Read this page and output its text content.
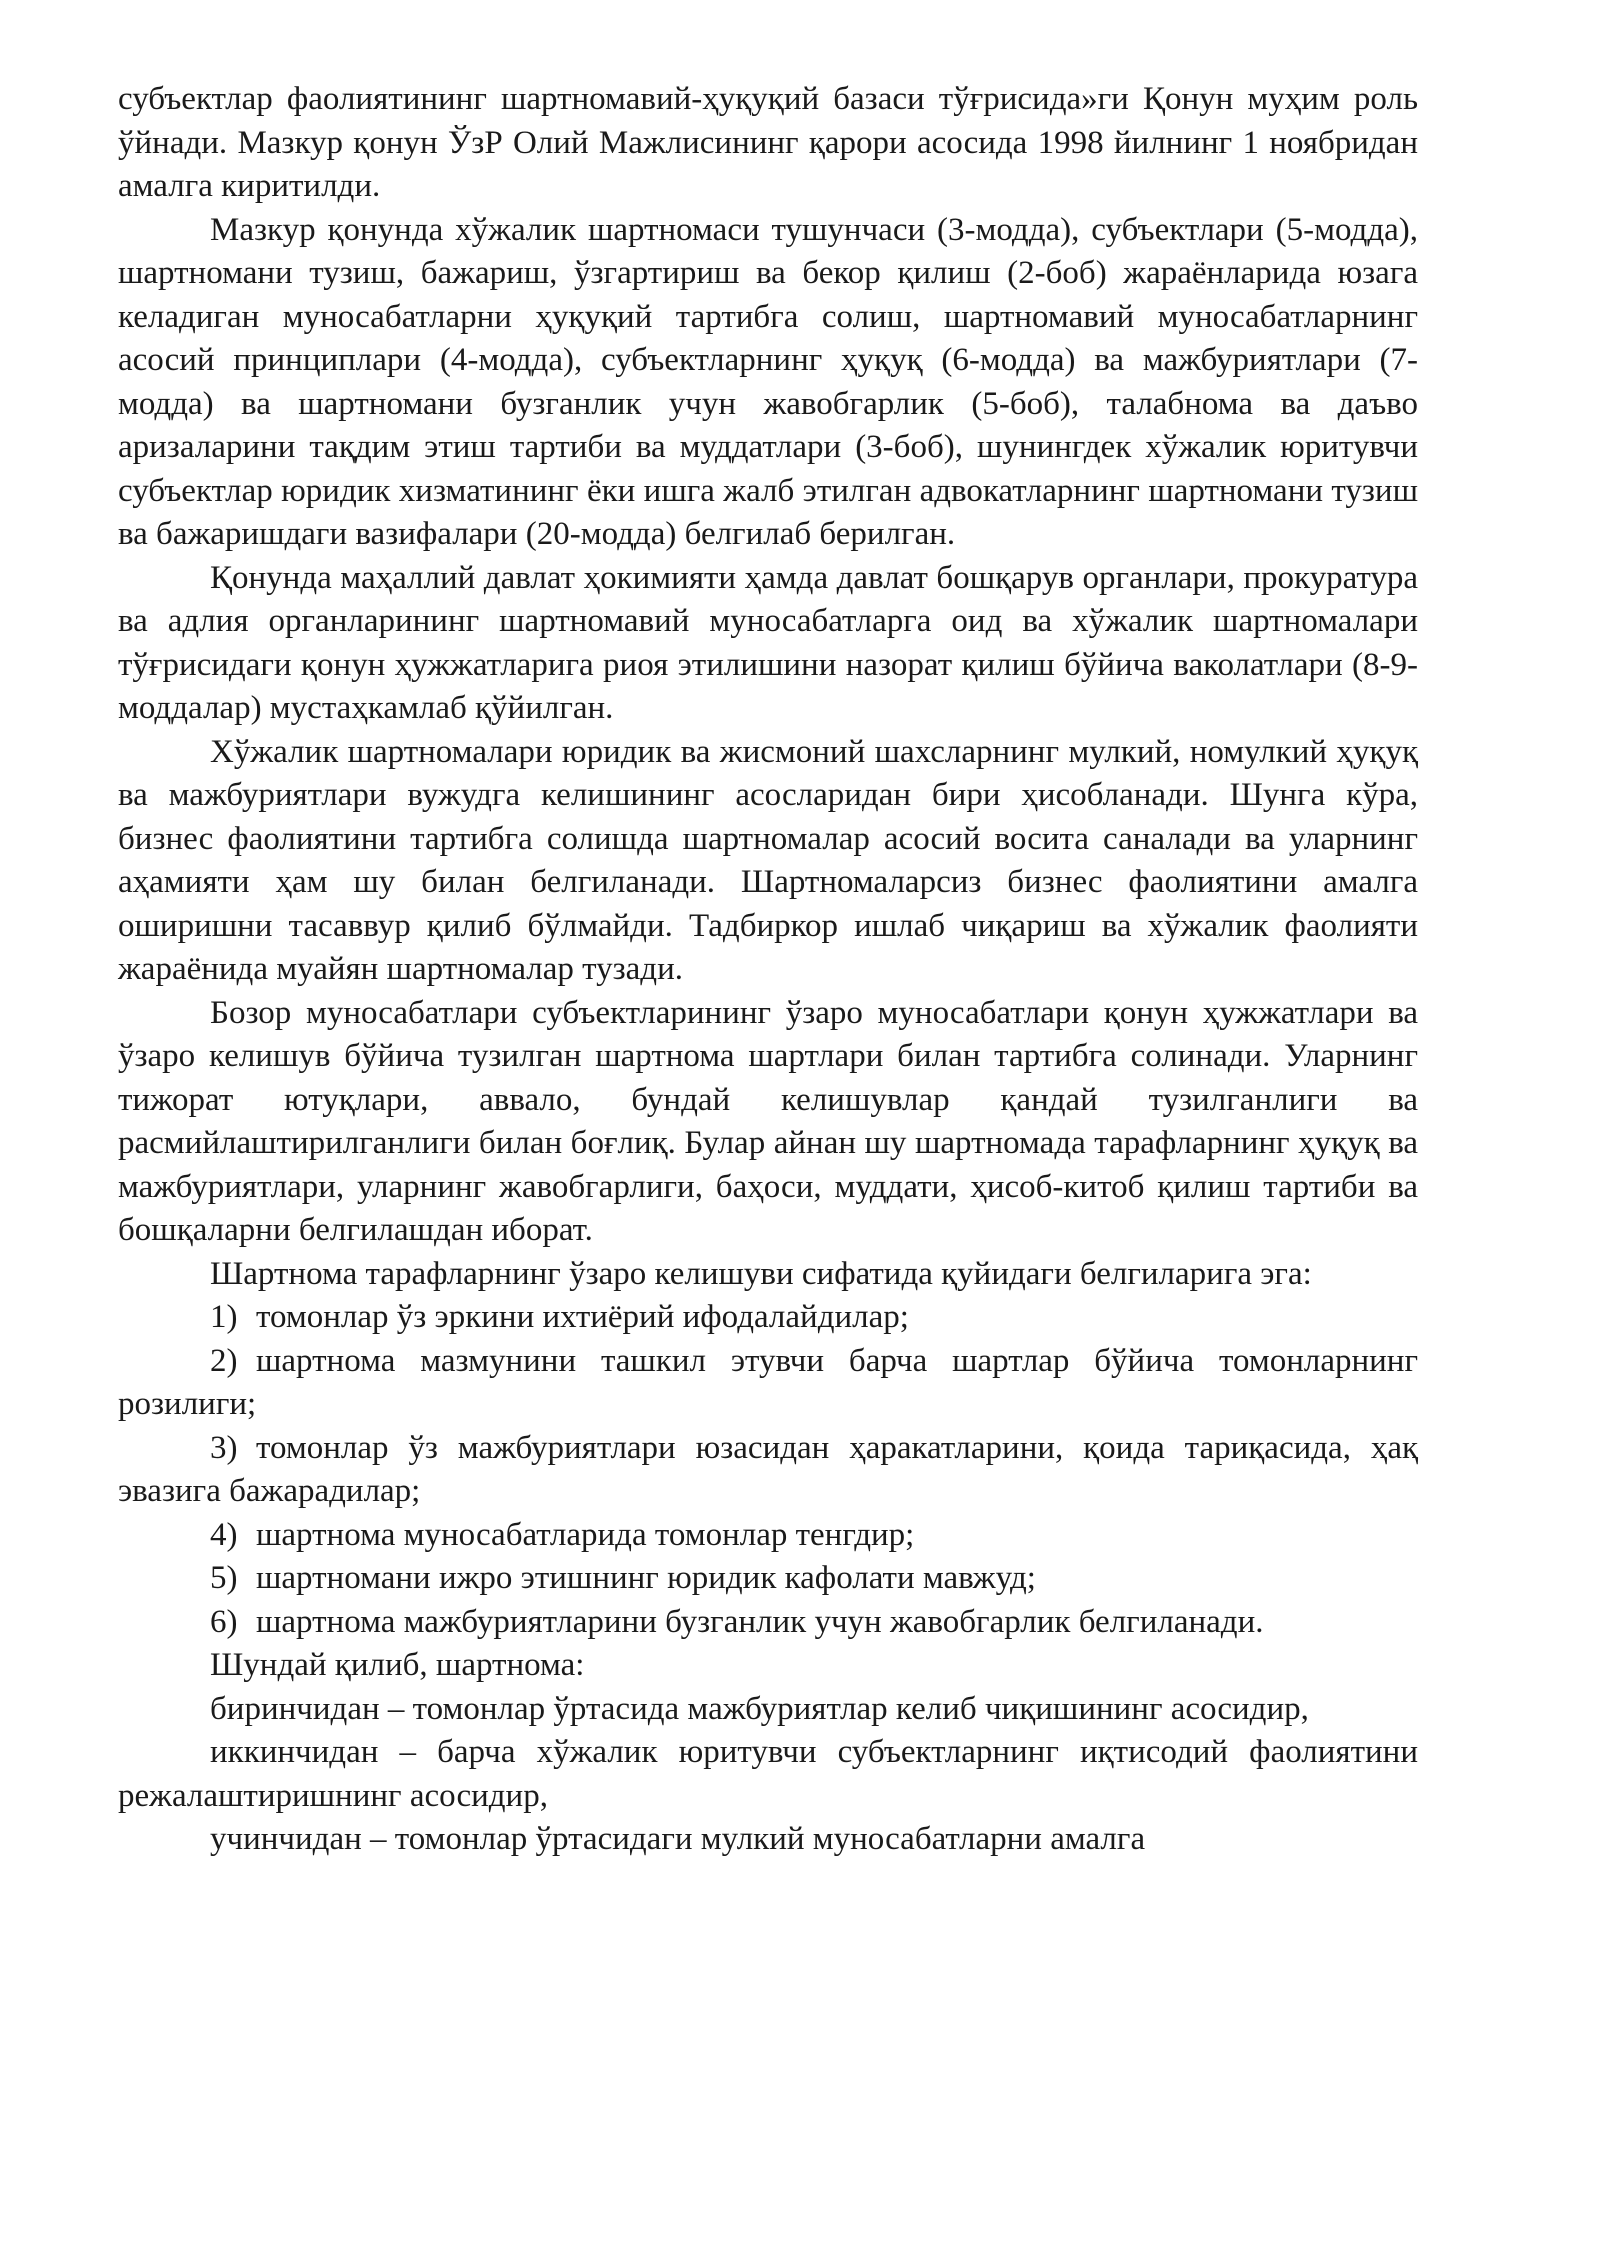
субъектлар фаолиятининг шартномавий-ҳуқуқий базаси тўғрисида»ги Қонун муҳим роль ўйнади. Мазкур қонун ЎзР Олий Мажлисининг қарори асосида 1998 йилнинг 1 ноябридан амалга киритилди.

Мазкур қонунда хўжалик шартномаси тушунчаси (3-модда), субъектлари (5-модда), шартномани тузиш, бажариш, ўзгартириш ва бекор қилиш (2-боб) жараёнларида юзага келадиган муносабатларни ҳуқуқий тартибга солиш, шартномавий муносабатларнинг асосий принциплари (4-модда), субъектларнинг ҳуқуқ (6-модда) ва мажбуриятлари (7-модда) ва шартномани бузганлик учун жавобгарлик (5-боб), талабнома ва даъво аризаларини тақдим этиш тартиби ва муддатлари (3-боб), шунингдек хўжалик юритувчи субъектлар юридик хизматининг ёки ишга жалб этилган адвокатларнинг шартномани тузиш ва бажаришдаги вазифалари (20-модда) белгилаб берилган.

Қонунда маҳаллий давлат ҳокимияти ҳамда давлат бошқарув органлари, прокуратура ва адлия органларининг шартномавий муносабатларга оид ва хўжалик шартномалари тўғрисидаги қонун ҳужжатларига риоя этилишини назорат қилиш бўйича ваколатлари (8-9-моддалар) мустаҳкамлаб қўйилган.

Хўжалик шартномалари юридик ва жисмоний шахсларнинг мулкий, номулкий ҳуқуқ ва мажбуриятлари вужудга келишининг асосларидан бири ҳисобланади. Шунга кўра, бизнес фаолиятини тартибга солишда шартномалар асосий восита саналади ва уларнинг аҳамияти ҳам шу билан белгиланади. Шартномаларсиз бизнес фаолиятини амалга оширишни тасаввур қилиб бўлмайди. Тадбиркор ишлаб чиқариш ва хўжалик фаолияти жараёнида муайян шартномалар тузади.

Бозор муносабатлари субъектларининг ўзаро муносабатлари қонун ҳужжатлари ва ўзаро келишув бўйича тузилган шартнома шартлари билан тартибга солинади. Уларнинг тижорат ютуқлари, аввало, бундай келишувлар қандай тузилганлиги ва расмийлаштирилганлиги билан боғлиқ. Булар айнан шу шартномада тарафларнинг ҳуқуқ ва мажбуриятлари, уларнинг жавобгарлиги, баҳоси, муддати, ҳисоб-китоб қилиш тартиби ва бошқаларни белгилашдан иборат.

Шартнома тарафларнинг ўзаро келишуви сифатида қуйидаги белгиларига эга:

1) томонлар ўз эркини ихтиёрий ифодалайдилар;

2) шартнома мазмунини ташкил этувчи барча шартлар бўйича томонларнинг розилиги;

3) томонлар ўз мажбуриятлари юзасидан ҳаракатларини, қоида тариқасида, ҳақ эвазига бажарадилар;

4) шартнома муносабатларида томонлар тенгдир;

5) шартномани ижро этишнинг юридик кафолати мавжуд;

6) шартнома мажбуриятларини бузганлик учун жавобгарлик белгиланади.

Шундай қилиб, шартнома:

биринчидан – томонлар ўртасида мажбуриятлар келиб чиқишининг асосидир,

иккинчидан – барча хўжалик юритувчи субъектларнинг иқтисодий фаолиятини режалаштиришнинг асосидир,

учинчидан – томонлар ўртасидаги мулкий муносабатларни амалга
